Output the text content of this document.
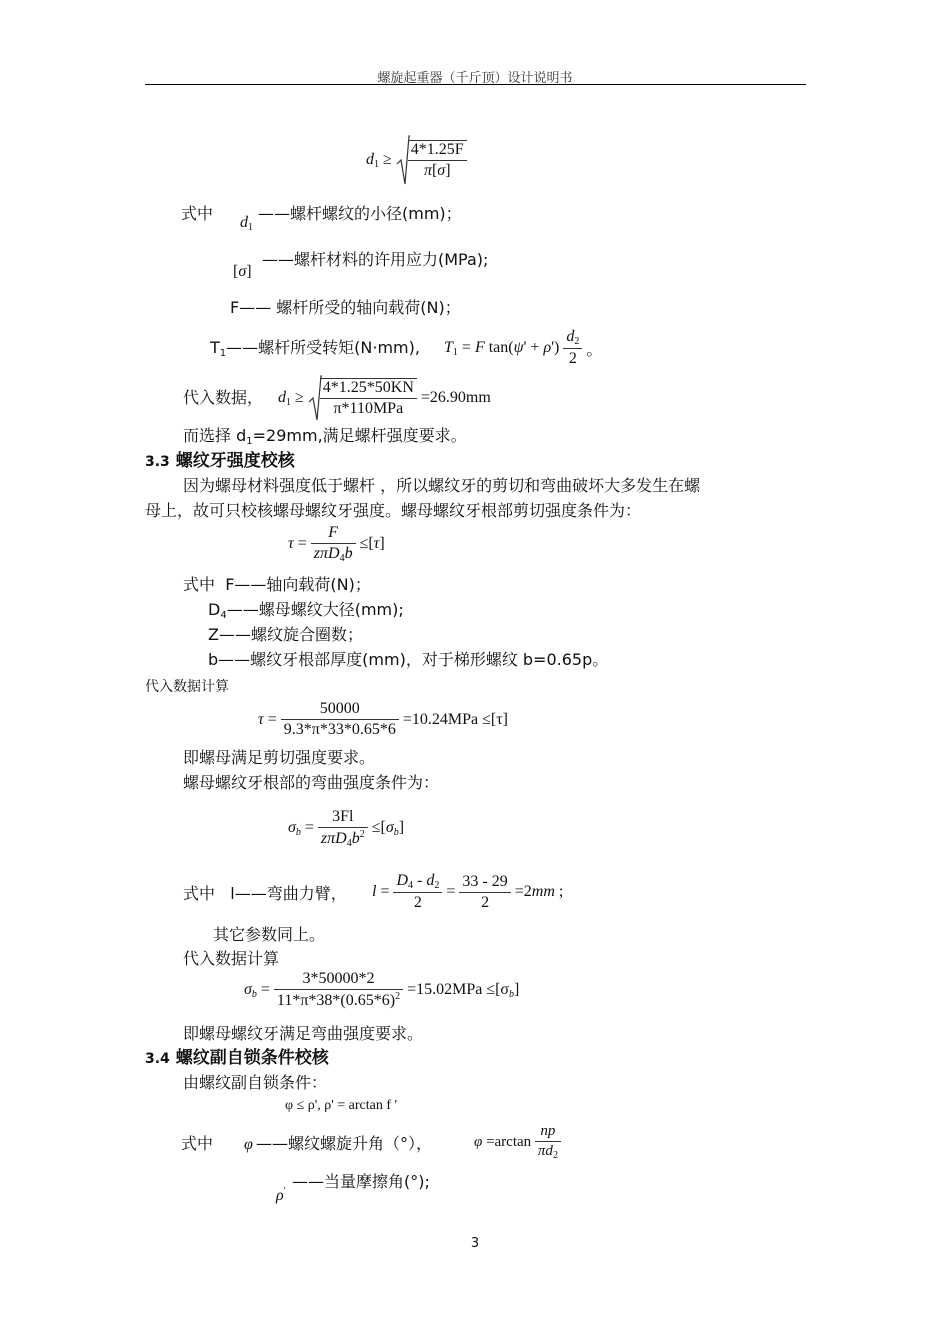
螺旋起重器（千斤顶）设计说明书
$d_1 \ge \frac{4*1.25F}{\pi[\sigma]}$
式中 $d_1$
——螺杆螺纹的小径(mm)；
[σ]
——螺杆材料的许用应力(MPa);
F—— 螺杆所受的轴向载荷(N)；
$T_1——$螺杆所受转矩(N·mm), $T_1 = F$ $\tan(\psi' + \rho') \frac{d_2}{2}$ 。
代入数据， $d_1 \ge \frac{4*1.25*50KN}{\text{π*110MPa}} =26.90mm$
而选择 $d_1=29mm$,满足螺杆强度要求。
3.3 螺纹牙强度校核
因为螺母材料强度低于螺杆 ，所以螺纹牙的剪切和弯曲破坏大多发生在螺
母上，故可只校核螺母螺纹牙强度。螺母螺纹牙根部剪切强度条件为：
$\tau = \frac{F}{z\pi D_4b} \le[\tau]$
式中 F——轴向载荷(N)；
$D_4——$螺母螺纹大径(mm);
Z——螺纹旋合圈数；
b——螺纹牙根部厚度(mm)，对于梯形螺纹 b=0.65p。
代入数据计算
$\tau = \frac{50000}{9.3*\pi*33*0.65*6} =10.24MPa \le[\tau]$
即螺母满足剪切强度要求。
螺母螺纹牙根部的弯曲强度条件为：
$\sigma_b = \frac{3Fl}{z\pi D_4b^2} \le[\sigma_b]$
式中 l——弯曲力臂， $l = \frac{D_4 - d_2}{2} = \frac{33 - 29}{2} =2mm$ ;
其它参数同上。
代入数据计算
$\sigma_b = \frac{3*50000*2}{11*\pi*38*(0.65*6)^2} =15.02MPa \le[\sigma_b]$
即螺母螺纹牙满足弯曲强度要求。
3.4 螺纹副自锁条件校核
由螺纹副自锁条件：
φ ≤ ρ', ρ' = arctan f '
式中 φ ——螺纹螺旋升角（°），	$\varphi =\arctan \frac{np}{\pi d_2}$
ρ'
——当量摩擦角(°);
3
